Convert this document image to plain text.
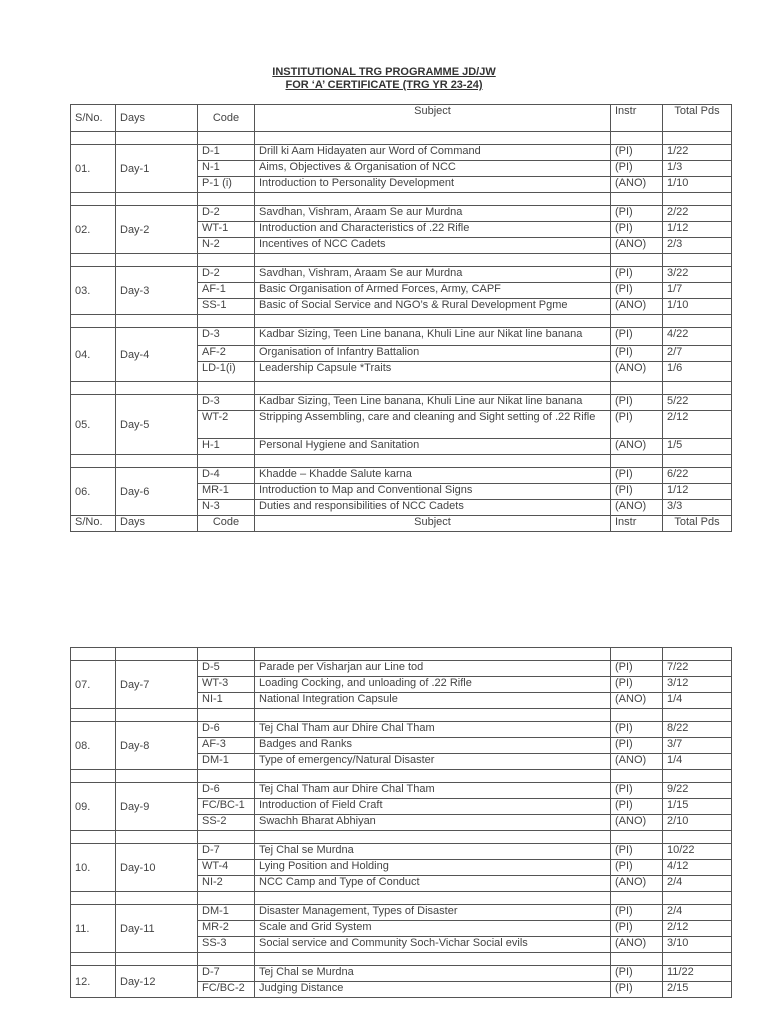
INSTITUTIONAL TRG PROGRAMME JD/JW
FOR ‘A’ CERTIFICATE (TRG YR 23-24)
S/No.	Days	Code	Subject	Instr	Total Pds

01.	Day-1	D-1	Drill ki Aam Hidayaten aur Word of Command	(PI)	1/22
		N-1	Aims, Objectives & Organisation of NCC	(PI)	1/3
		P-1 (i)	Introduction to Personality Development	(ANO)	1/10

02.	Day-2	D-2	Savdhan, Vishram, Araam Se aur Murdna	(PI)	2/22
		WT-1	Introduction and Characteristics of .22 Rifle	(PI)	1/12
		N-2	Incentives of NCC Cadets	(ANO)	2/3

03.	Day-3	D-2	Savdhan, Vishram, Araam Se aur Murdna	(PI)	3/22
		AF-1	Basic Organisation of Armed Forces, Army, CAPF	(PI)	1/7
		SS-1	Basic of Social Service and NGO’s & Rural Development Pgme	(ANO)	1/10

04.	Day-4	D-3	Kadbar Sizing, Teen Line banana, Khuli Line aur Nikat line banana	(PI)	4/22
		AF-2	Organisation of Infantry Battalion	(PI)	2/7
		LD-1(i)	Leadership Capsule *Traits	(ANO)	1/6

05.	Day-5	D-3	Kadbar Sizing, Teen Line banana, Khuli Line aur Nikat line banana	(PI)	5/22
		WT-2	Stripping Assembling, care and cleaning and Sight setting of .22 Rifle	(PI)	2/12
		H-1	Personal Hygiene and Sanitation	(ANO)	1/5

06.	Day-6	D-4	Khadde – Khadde Salute karna	(PI)	6/22
		MR-1	Introduction to Map and Conventional Signs	(PI)	1/12
		N-3	Duties and responsibilities of NCC Cadets	(ANO)	3/3
S/No.	Days	Code	Subject	Instr	Total Pds

07.	Day-7	D-5	Parade per Visharjan aur Line tod	(PI)	7/22
		WT-3	Loading Cocking, and unloading of .22 Rifle	(PI)	3/12
		NI-1	National Integration Capsule	(ANO)	1/4

08.	Day-8	D-6	Tej Chal Tham aur Dhire Chal Tham	(PI)	8/22
		AF-3	Badges and Ranks	(PI)	3/7
		DM-1	Type of emergency/Natural Disaster	(ANO)	1/4

09.	Day-9	D-6	Tej Chal Tham aur Dhire Chal Tham	(PI)	9/22
		FC/BC-1	Introduction of Field Craft	(PI)	1/15
		SS-2	Swachh Bharat Abhiyan	(ANO)	2/10

10.	Day-10	D-7	Tej Chal se Murdna	(PI)	10/22
		WT-4	Lying Position and Holding	(PI)	4/12
		NI-2	NCC Camp and Type of Conduct	(ANO)	2/4

11.	Day-11	DM-1	Disaster Management, Types of Disaster	(PI)	2/4
		MR-2	Scale and Grid System	(PI)	2/12
		SS-3	Social service and Community Soch-Vichar Social evils	(ANO)	3/10

12.	Day-12	D-7	Tej Chal se Murdna	(PI)	11/22
		FC/BC-2	Judging Distance	(PI)	2/15
